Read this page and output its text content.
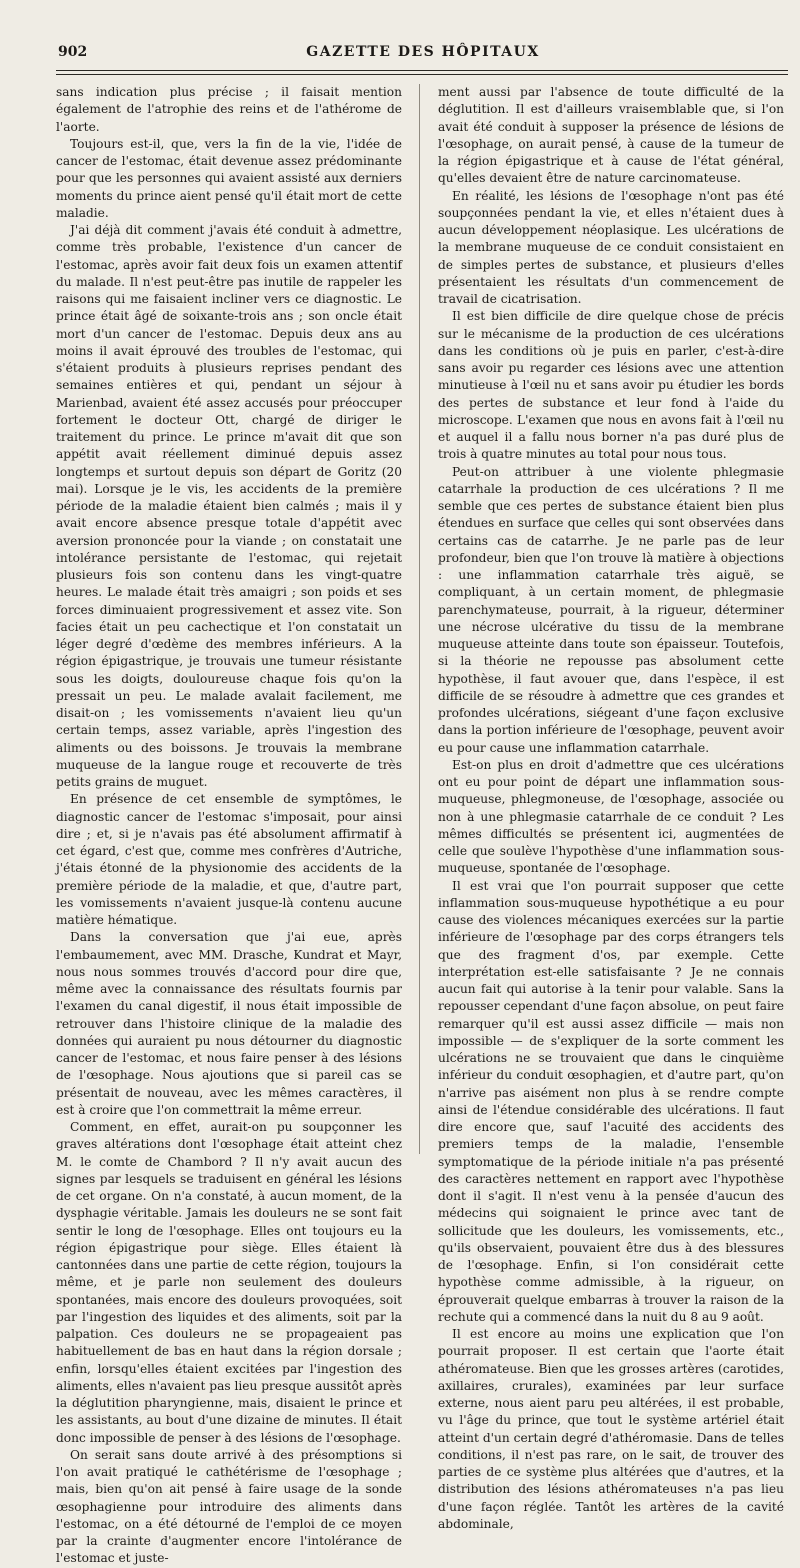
902	GAZETTE DES HÔPITAUX

sans indication plus précise ; il faisait mention également de l'atrophie des reins et de l'athérome de l'aorte.

Toujours est-il, que, vers la fin de la vie, l'idée de cancer de l'estomac, était devenue assez prédominante pour que les personnes qui avaient assisté aux derniers moments du prince aient pensé qu'il était mort de cette maladie.

J'ai déjà dit comment j'avais été conduit à admettre, comme très probable, l'existence d'un cancer de l'estomac, après avoir fait deux fois un examen attentif du malade. Il n'est peut-être pas inutile de rappeler les raisons qui me faisaient incliner vers ce diagnostic. Le prince était âgé de soixante-trois ans ; son oncle était mort d'un cancer de l'estomac. Depuis deux ans au moins il avait éprouvé des troubles de l'estomac, qui s'étaient produits à plusieurs reprises pendant des semaines entières et qui, pendant un séjour à Marienbad, avaient été assez accusés pour préoccuper fortement le docteur Ott, chargé de diriger le traitement du prince. Le prince m'avait dit que son appétit avait réellement diminué depuis assez longtemps et surtout depuis son départ de Goritz (20 mai). Lorsque je le vis, les accidents de la première période de la maladie étaient bien calmés ; mais il y avait encore absence presque totale d'appétit avec aversion prononcée pour la viande ; on constatait une intolérance persistante de l'estomac, qui rejetait plusieurs fois son contenu dans les vingt-quatre heures. Le malade était très amaigri ; son poids et ses forces diminuaient progressivement et assez vite. Son facies était un peu cachectique et l'on constatait un léger degré d'œdème des membres inférieurs. A la région épigastrique, je trouvais une tumeur résistante sous les doigts, douloureuse chaque fois qu'on la pressait un peu. Le malade avalait facilement, me disait-on ; les vomissements n'avaient lieu qu'un certain temps, assez variable, après l'ingestion des aliments ou des boissons. Je trouvais la membrane muqueuse de la langue rouge et recouverte de très petits grains de muguet.

En présence de cet ensemble de symptômes, le diagnostic cancer de l'estomac s'imposait, pour ainsi dire ; et, si je n'avais pas été absolument affirmatif à cet égard, c'est que, comme mes confrères d'Autriche, j'étais étonné de la physionomie des accidents de la première période de la maladie, et que, d'autre part, les vomissements n'avaient jusque-là contenu aucune matière hématique.

Dans la conversation que j'ai eue, après l'embaumement, avec MM. Drasche, Kundrat et Mayr, nous nous sommes trouvés d'accord pour dire que, même avec la connaissance des résultats fournis par l'examen du canal digestif, il nous était impossible de retrouver dans l'histoire clinique de la maladie des données qui auraient pu nous détourner du diagnostic cancer de l'estomac, et nous faire penser à des lésions de l'œsophage. Nous ajoutions que si pareil cas se présentait de nouveau, avec les mêmes caractères, il est à croire que l'on commettrait la même erreur.

Comment, en effet, aurait-on pu soupçonner les graves altérations dont l'œsophage était atteint chez M. le comte de Chambord ? Il n'y avait aucun des signes par lesquels se traduisent en général les lésions de cet organe. On n'a constaté, à aucun moment, de la dysphagie véritable. Jamais les douleurs ne se sont fait sentir le long de l'œsophage. Elles ont toujours eu la région épigastrique pour siège. Elles étaient là cantonnées dans une partie de cette région, toujours la même, et je parle non seulement des douleurs spontanées, mais encore des douleurs provoquées, soit par l'ingestion des liquides et des aliments, soit par la palpation. Ces douleurs ne se propageaient pas habituellement de bas en haut dans la région dorsale ; enfin, lorsqu'elles étaient excitées par l'ingestion des aliments, elles n'avaient pas lieu presque aussitôt après la déglutition pharyngienne, mais, disaient le prince et les assistants, au bout d'une dizaine de minutes. Il était donc impossible de penser à des lésions de l'œsophage.

On serait sans doute arrivé à des présomptions si l'on avait pratiqué le cathétérisme de l'œsophage ; mais, bien qu'on ait pensé à faire usage de la sonde œsophagienne pour introduire des aliments dans l'estomac, on a été détourné de l'emploi de ce moyen par la crainte d'augmenter encore l'intolérance de l'estomac et juste-

ment aussi par l'absence de toute difficulté de la déglutition. Il est d'ailleurs vraisemblable que, si l'on avait été conduit à supposer la présence de lésions de l'œsophage, on aurait pensé, à cause de la tumeur de la région épigastrique et à cause de l'état général, qu'elles devaient être de nature carcinomateuse.

En réalité, les lésions de l'œsophage n'ont pas été soupçonnées pendant la vie, et elles n'étaient dues à aucun développement néoplasique. Les ulcérations de la membrane muqueuse de ce conduit consistaient en de simples pertes de substance, et plusieurs d'elles présentaient les résultats d'un commencement de travail de cicatrisation.

Il est bien difficile de dire quelque chose de précis sur le mécanisme de la production de ces ulcérations dans les conditions où je puis en parler, c'est-à-dire sans avoir pu regarder ces lésions avec une attention minutieuse à l'œil nu et sans avoir pu étudier les bords des pertes de substance et leur fond à l'aide du microscope. L'examen que nous en avons fait à l'œil nu et auquel il a fallu nous borner n'a pas duré plus de trois à quatre minutes au total pour nous tous.

Peut-on attribuer à une violente phlegmasie catarrhale la production de ces ulcérations ? Il me semble que ces pertes de substance étaient bien plus étendues en surface que celles qui sont observées dans certains cas de catarrhe. Je ne parle pas de leur profondeur, bien que l'on trouve là matière à objections : une inflammation catarrhale très aiguë, se compliquant, à un certain moment, de phlegmasie parenchymateuse, pourrait, à la rigueur, déterminer une nécrose ulcérative du tissu de la membrane muqueuse atteinte dans toute son épaisseur. Toutefois, si la théorie ne repousse pas absolument cette hypothèse, il faut avouer que, dans l'espèce, il est difficile de se résoudre à admettre que ces grandes et profondes ulcérations, siégeant d'une façon exclusive dans la portion inférieure de l'œsophage, peuvent avoir eu pour cause une inflammation catarrhale.

Est-on plus en droit d'admettre que ces ulcérations ont eu pour point de départ une inflammation sous-muqueuse, phlegmoneuse, de l'œsophage, associée ou non à une phlegmasie catarrhale de ce conduit ? Les mêmes difficultés se présentent ici, augmentées de celle que soulève l'hypothèse d'une inflammation sous-muqueuse, spontanée de l'œsophage.

Il est vrai que l'on pourrait supposer que cette inflammation sous-muqueuse hypothétique a eu pour cause des violences mécaniques exercées sur la partie inférieure de l'œsophage par des corps étrangers tels que des fragment d'os, par exemple. Cette interprétation est-elle satisfaisante ? Je ne connais aucun fait qui autorise à la tenir pour valable. Sans la repousser cependant d'une façon absolue, on peut faire remarquer qu'il est aussi assez difficile — mais non impossible — de s'expliquer de la sorte comment les ulcérations ne se trouvaient que dans le cinquième inférieur du conduit œsophagien, et d'autre part, qu'on n'arrive pas aisément non plus à se rendre compte ainsi de l'étendue considérable des ulcérations. Il faut dire encore que, sauf l'acuité des accidents des premiers temps de la maladie, l'ensemble symptomatique de la période initiale n'a pas présenté des caractères nettement en rapport avec l'hypothèse dont il s'agit. Il n'est venu à la pensée d'aucun des médecins qui soignaient le prince avec tant de sollicitude que les douleurs, les vomissements, etc., qu'ils observaient, pouvaient être dus à des blessures de l'œsophage. Enfin, si l'on considérait cette hypothèse comme admissible, à la rigueur, on éprouverait quelque embarras à trouver la raison de la rechute qui a commencé dans la nuit du 8 au 9 août.

Il est encore au moins une explication que l'on pourrait proposer. Il est certain que l'aorte était athéromateuse. Bien que les grosses artères (carotides, axillaires, crurales), examinées par leur surface externe, nous aient paru peu altérées, il est probable, vu l'âge du prince, que tout le système artériel était atteint d'un certain degré d'athéromasie. Dans de telles conditions, il n'est pas rare, on le sait, de trouver des parties de ce système plus altérées que d'autres, et la distribution des lésions athéromateuses n'a pas lieu d'une façon réglée. Tantôt les artères de la cavité abdominale,
